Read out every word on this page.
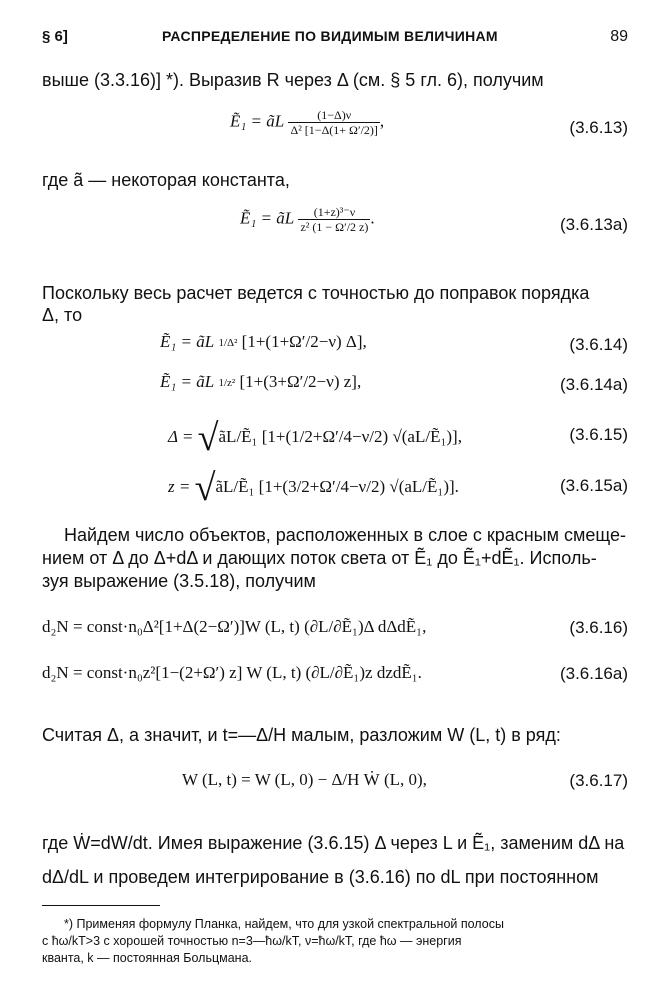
§ 6]	РАСПРЕДЕЛЕНИЕ ПО ВИДИМЫМ ВЕЛИЧИНАМ	89
выше (3.3.16)] *). Выразив R через Δ (см. § 5 гл. 6), получим
Ẽ₁ = ãL $\frac{(1-\Delta)\nu}{\text{Δ² [1−Δ(1+ Ω′/2)]}}$ ,	(3.6.13)
где ã — некоторая константа,
Ẽ₁ = ãL $\frac{\text{(1+z)³⁻ν}}{\text{z² (1 − Ω′/2 z)}}$ .	(3.6.13a)
Поскольку весь расчет ведется с точностью до поправок порядка
Δ, то
Ẽ₁ = ãL 1/Δ² [1+(1+Ω′/2−ν) Δ],	(3.6.14)
Ẽ₁ = ãL 1/z² [1+(3+Ω′/2−ν) z],	(3.6.14a)
Δ = √ãL/Ẽ₁ [1+(1/2+Ω′/4−ν/2) √(aL/Ẽ₁)],	(3.6.15)
z = √ãL/Ẽ₁ [1+(3/2+Ω′/4−ν/2) √(aL/Ẽ₁)].	(3.6.15a)
Найдем число объектов, расположенных в слое с красным смеще-
нием от Δ до Δ+dΔ и дающих поток света от Ẽ₁ до Ẽ₁+dẼ₁. Исполь-
зуя выражение (3.5.18), получим
d₂N = const·n₀Δ²[1+Δ(2−Ω′)]W (L, t) (∂L/∂Ẽ₁)Δ dΔdẼ₁,	(3.6.16)
d₂N = const·n₀z²[1−(2+Ω′) z] W (L, t) (∂L/∂Ẽ₁)z dzdẼ₁.	(3.6.16a)
Считая Δ, а значит, и t=—Δ/H малым, разложим W (L, t) в ряд:
W (L, t) = W (L, 0) − Δ/H Ẇ (L, 0),	(3.6.17)
где Ẇ=dW/dt. Имея выражение (3.6.15) Δ через L и Ẽ₁, заменим dΔ на
dΔ/dL и проведем интегрирование в (3.6.16) по dL при постоянном
*) Применяя формулу Планка, найдем, что для узкой спектральной полосы
с ħω/kT>3 с хорошей точностью n=3—ħω/kT, ν=ħω/kT, где ħω — энергия
кванта, k — постоянная Больцмана.
